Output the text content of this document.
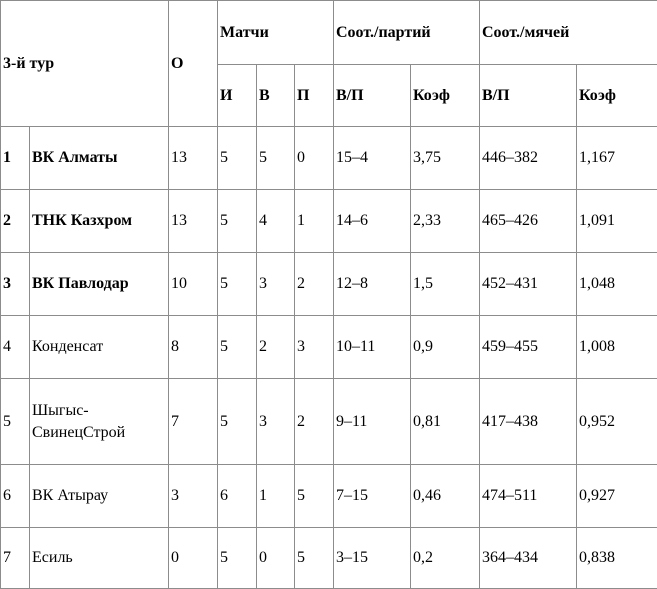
3-й тур		О	Матчи			Соот./партий		Соот./мячей	
			И	В	П	В/П	Коэф	В/П	Коэф
1	ВК Алматы	13	5	5	0	15–4	3,75	446–382	1,167
2	ТНК Казхром	13	5	4	1	14–6	2,33	465–426	1,091
3	ВК Павлодар	10	5	3	2	12–8	1,5	452–431	1,048
4	Конденсат	8	5	2	3	10–11	0,9	459–455	1,008
5	Шыгыс-СвинецСтрой	7	5	3	2	9–11	0,81	417–438	0,952
6	ВК Атырау	3	6	1	5	7–15	0,46	474–511	0,927
7	Есиль	0	5	0	5	3–15	0,2	364–434	0,838
